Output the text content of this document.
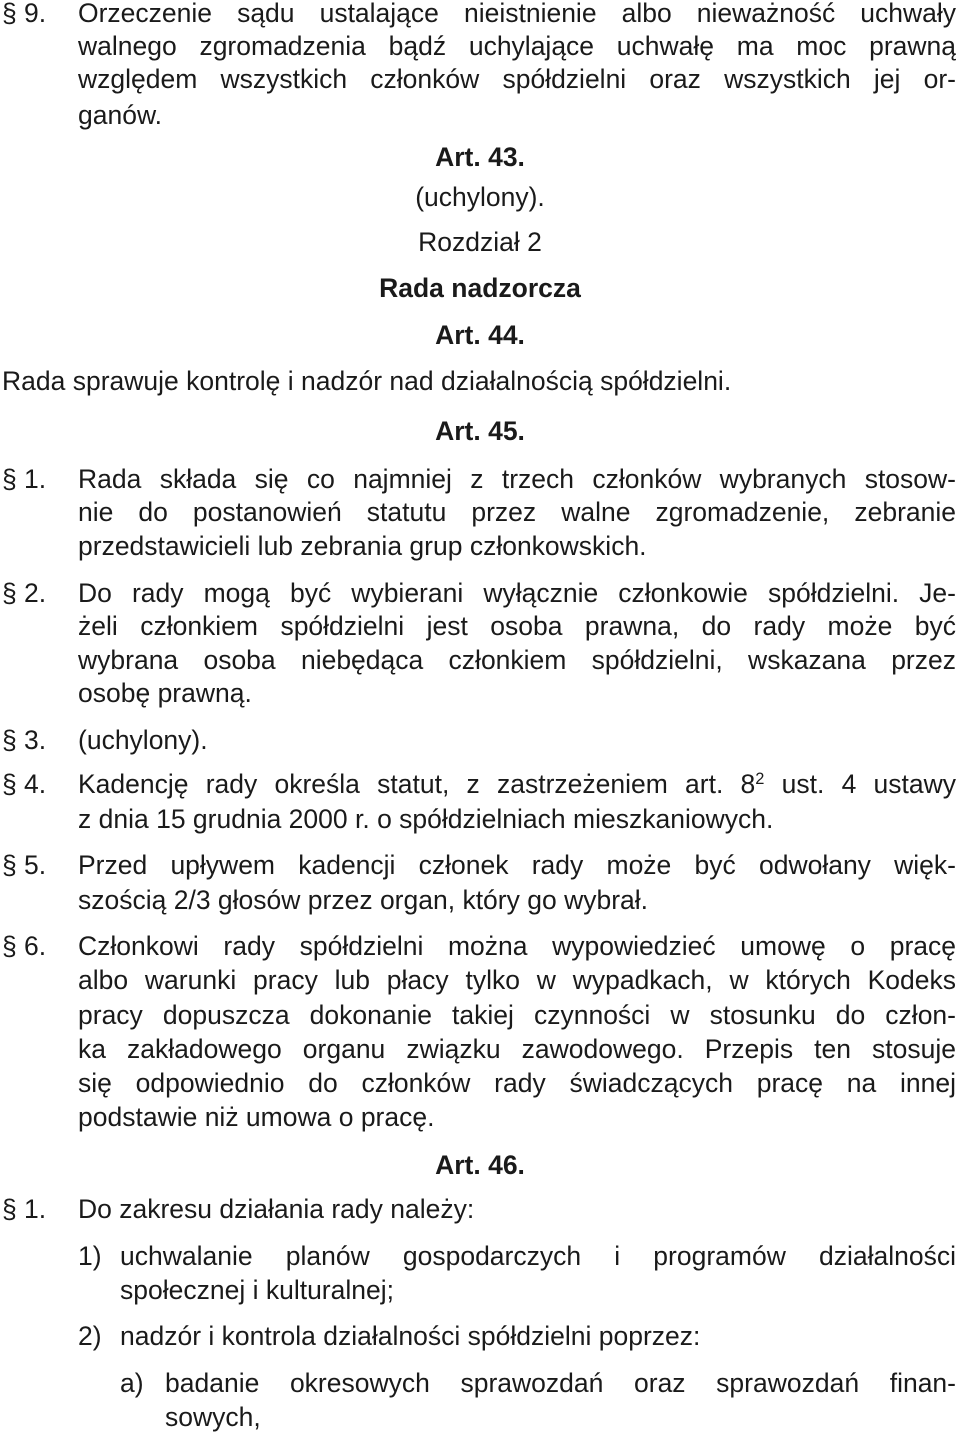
§ 9. Orzeczenie sądu ustalające nieistnienie albo nieważność uchwały
walnego zgromadzenia bądź uchylające uchwałę ma moc prawną
względem wszystkich członków spółdzielni oraz wszystkich jej or-
ganów.
Art. 43.
(uchylony).
Rozdział 2
Rada nadzorcza
Art. 44.
Rada sprawuje kontrolę i nadzór nad działalnością spółdzielni.
Art. 45.
§ 1. Rada składa się co najmniej z trzech członków wybranych stosow-
nie do postanowień statutu przez walne zgromadzenie, zebranie
przedstawicieli lub zebrania grup członkowskich.
§ 2. Do rady mogą być wybierani wyłącznie członkowie spółdzielni. Je-
żeli członkiem spółdzielni jest osoba prawna, do rady może być
wybrana osoba niebędąca członkiem spółdzielni, wskazana przez
osobę prawną.
§ 3. (uchylony).
§ 4. Kadencję rady określa statut, z zastrzeżeniem art. $8^2$ ust. 4 ustawy
z dnia 15 grudnia 2000 r. o spółdzielniach mieszkaniowych.
§ 5. Przed upływem kadencji członek rady może być odwołany więk-
szością 2/3 głosów przez organ, który go wybrał.
§ 6. Członkowi rady spółdzielni można wypowiedzieć umowę o pracę
albo warunki pracy lub płacy tylko w wypadkach, w których Kodeks
pracy dopuszcza dokonanie takiej czynności w stosunku do człon-
ka zakładowego organu związku zawodowego. Przepis ten stosuje
się odpowiednio do członków rady świadczących pracę na innej
podstawie niż umowa o pracę.
Art. 46.
§ 1. Do zakresu działania rady należy:
1) uchwalanie planów gospodarczych i programów działalności
społecznej i kulturalnej;
2) nadzór i kontrola działalności spółdzielni poprzez:
a) badanie okresowych sprawozdań oraz sprawozdań finan-
sowych,
